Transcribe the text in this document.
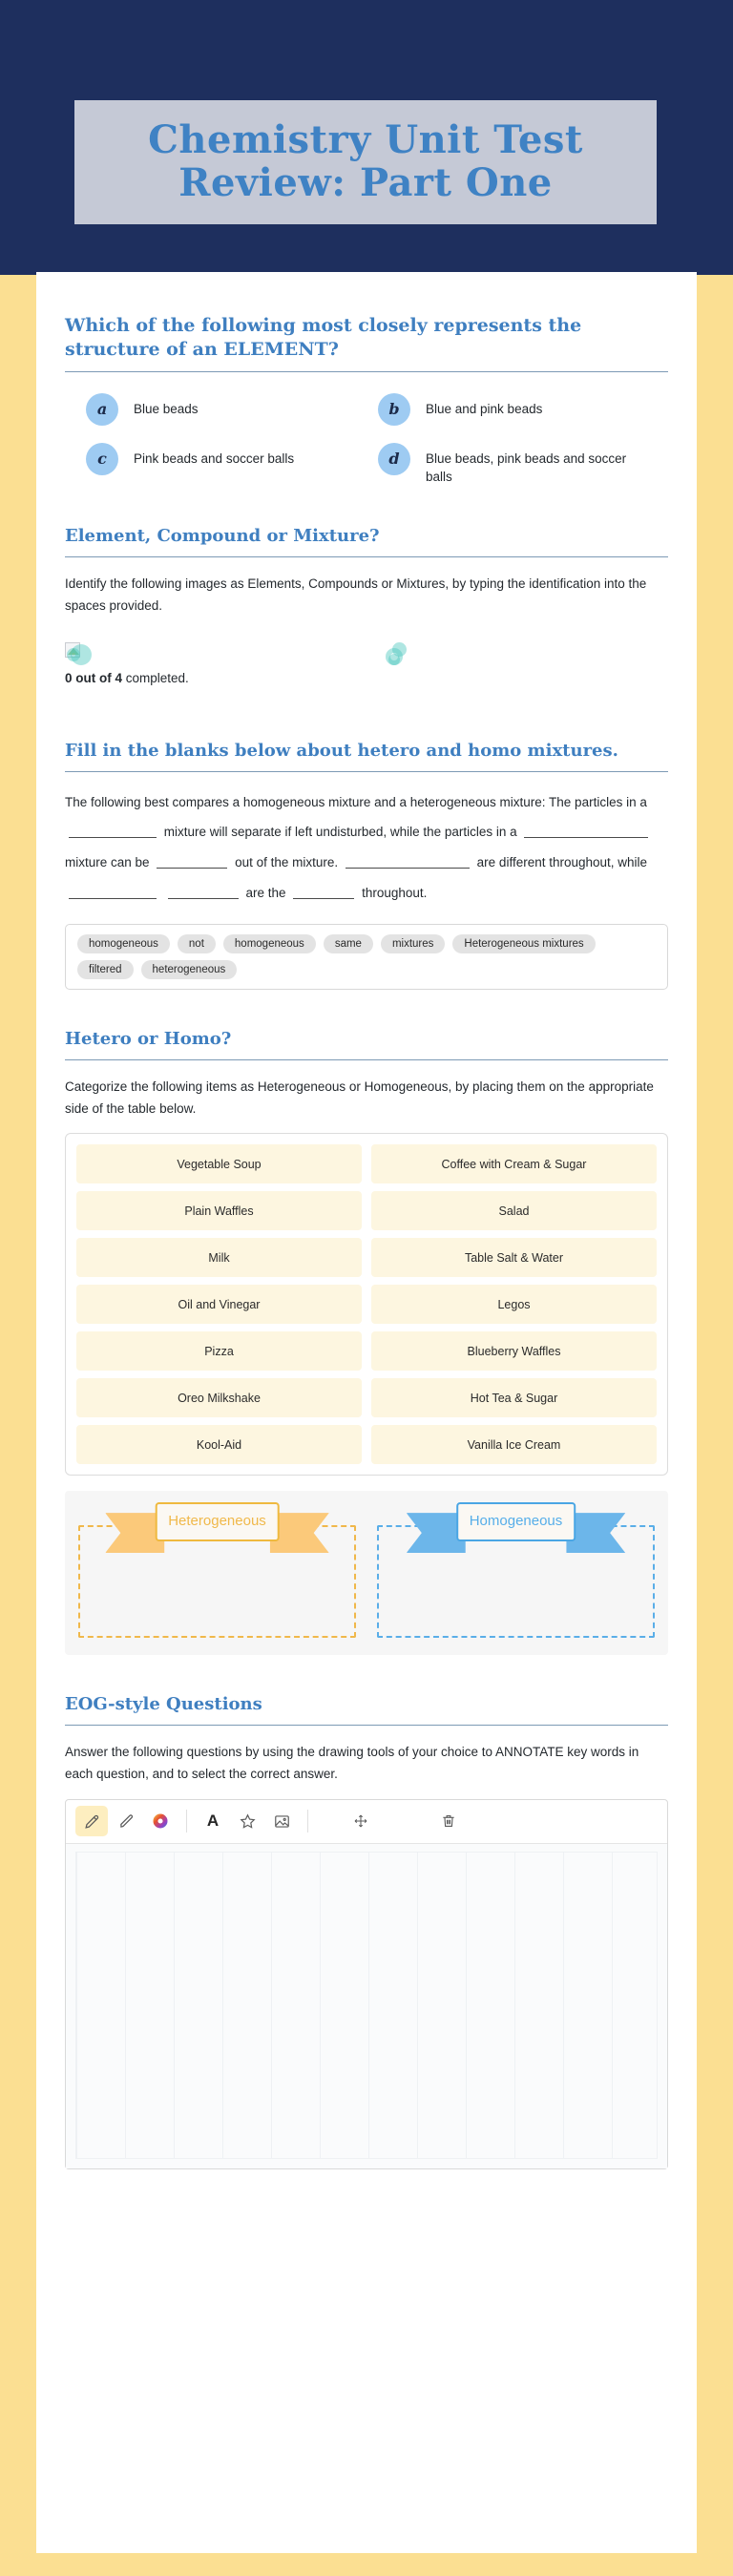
Chemistry Unit Test
Review: Part One
Which of the following most closely represents the structure of an ELEMENT?
a	Blue beads	b	Blue and pink beads
c	Pink beads and soccer balls	d	Blue beads, pink beads and soccer balls
Element, Compound or Mixture?

Identify the following images as Elements, Compounds or Mixtures, by typing the identification into the spaces provided.

0 out of 4 completed.
Fill in the blanks below about hetero and homo mixtures.
The following best compares a homogeneous mixture and a heterogeneous mixture: The particles in a  mixture will separate if left undisturbed, while the particles in a  mixture can be	out of the mixture.	are different throughout, while   are the	throughout.
homogeneous	not	homogeneous	same	mixtures	Heterogeneous mixtures
filtered	heterogeneous
Hetero or Homo?

Categorize the following items as Heterogeneous or Homogeneous, by placing them on the appropriate side of the table below.

Vegetable Soup	Coffee with Cream & Sugar
Plain Waffles	Salad
Milk	Table Salt & Water
Oil and Vinegar	Legos
Pizza	Blueberry Waffles
Oreo Milkshake	Hot Tea & Sugar
Kool-Aid	Vanilla Ice Cream
Heterogeneous	Homogeneous
EOG-style Questions

Answer the following questions by using the drawing tools of your choice to ANNOTATE key words in each question, and to select the correct answer.

A
